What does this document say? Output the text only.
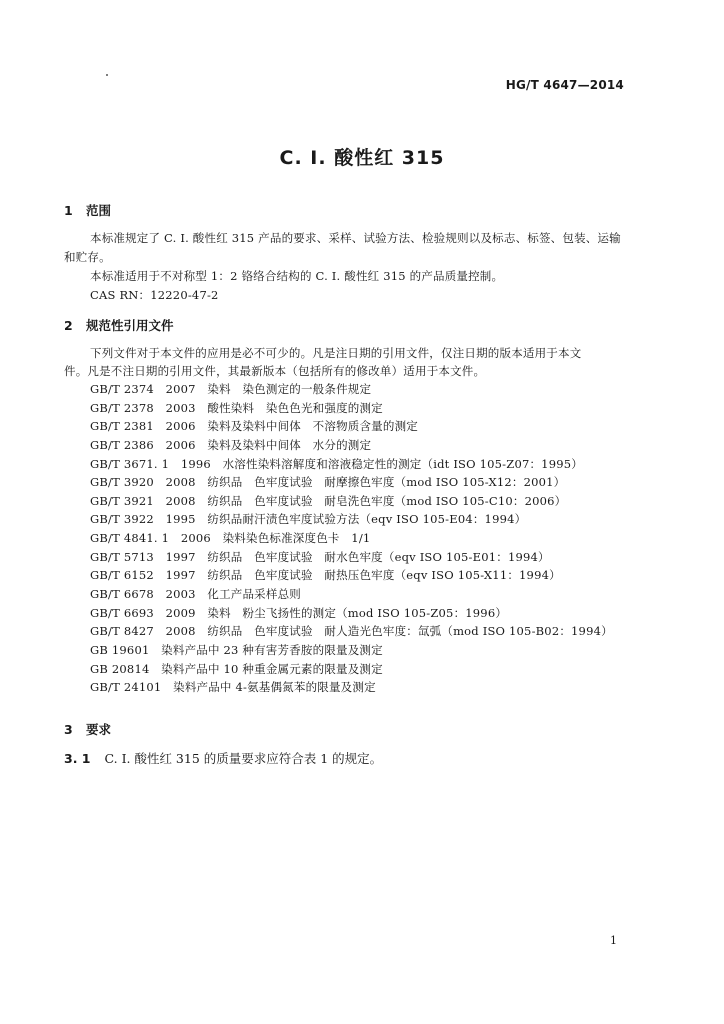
HG/T 4647—2014
C. I. 酸性红 315
1 范围
本标准规定了 C. I. 酸性红 315 产品的要求、采样、试验方法、检验规则以及标志、标签、包装、运输
和贮存。
本标准适用于不对称型 1：2 铬络合结构的 C. I. 酸性红 315 的产品质量控制。
CAS RN：12220-47-2
2 规范性引用文件
下列文件对于本文件的应用是必不可少的。凡是注日期的引用文件，仅注日期的版本适用于本文
件。凡是不注日期的引用文件，其最新版本（包括所有的修改单）适用于本文件。
GB/T 2374　2007　染料　染色测定的一般条件规定
GB/T 2378　2003　酸性染料　染色色光和强度的测定
GB/T 2381　2006　染料及染料中间体　不溶物质含量的测定
GB/T 2386　2006　染料及染料中间体　水分的测定
GB/T 3671. 1　1996　水溶性染料溶解度和溶液稳定性的测定（idt ISO 105-Z07：1995）
GB/T 3920　2008　纺织品　色牢度试验　耐摩擦色牢度（mod ISO 105-X12：2001）
GB/T 3921　2008　纺织品　色牢度试验　耐皂洗色牢度（mod ISO 105-C10：2006）
GB/T 3922　1995　纺织品耐汗渍色牢度试验方法（eqv ISO 105-E04：1994）
GB/T 4841. 1　2006　染料染色标准深度色卡　1/1
GB/T 5713　1997　纺织品　色牢度试验　耐水色牢度（eqv ISO 105-E01：1994）
GB/T 6152　1997　纺织品　色牢度试验　耐热压色牢度（eqv ISO 105-X11：1994）
GB/T 6678　2003　化工产品采样总则
GB/T 6693　2009　染料　粉尘飞扬性的测定（mod ISO 105-Z05：1996）
GB/T 8427　2008　纺织品　色牢度试验　耐人造光色牢度：氙弧（mod ISO 105-B02：1994）
GB 19601　染料产品中 23 种有害芳香胺的限量及测定
GB 20814　染料产品中 10 种重金属元素的限量及测定
GB/T 24101　染料产品中 4-氨基偶氮苯的限量及测定
3 要求
3. 1 C. I. 酸性红 315 的质量要求应符合表 1 的规定。
1
